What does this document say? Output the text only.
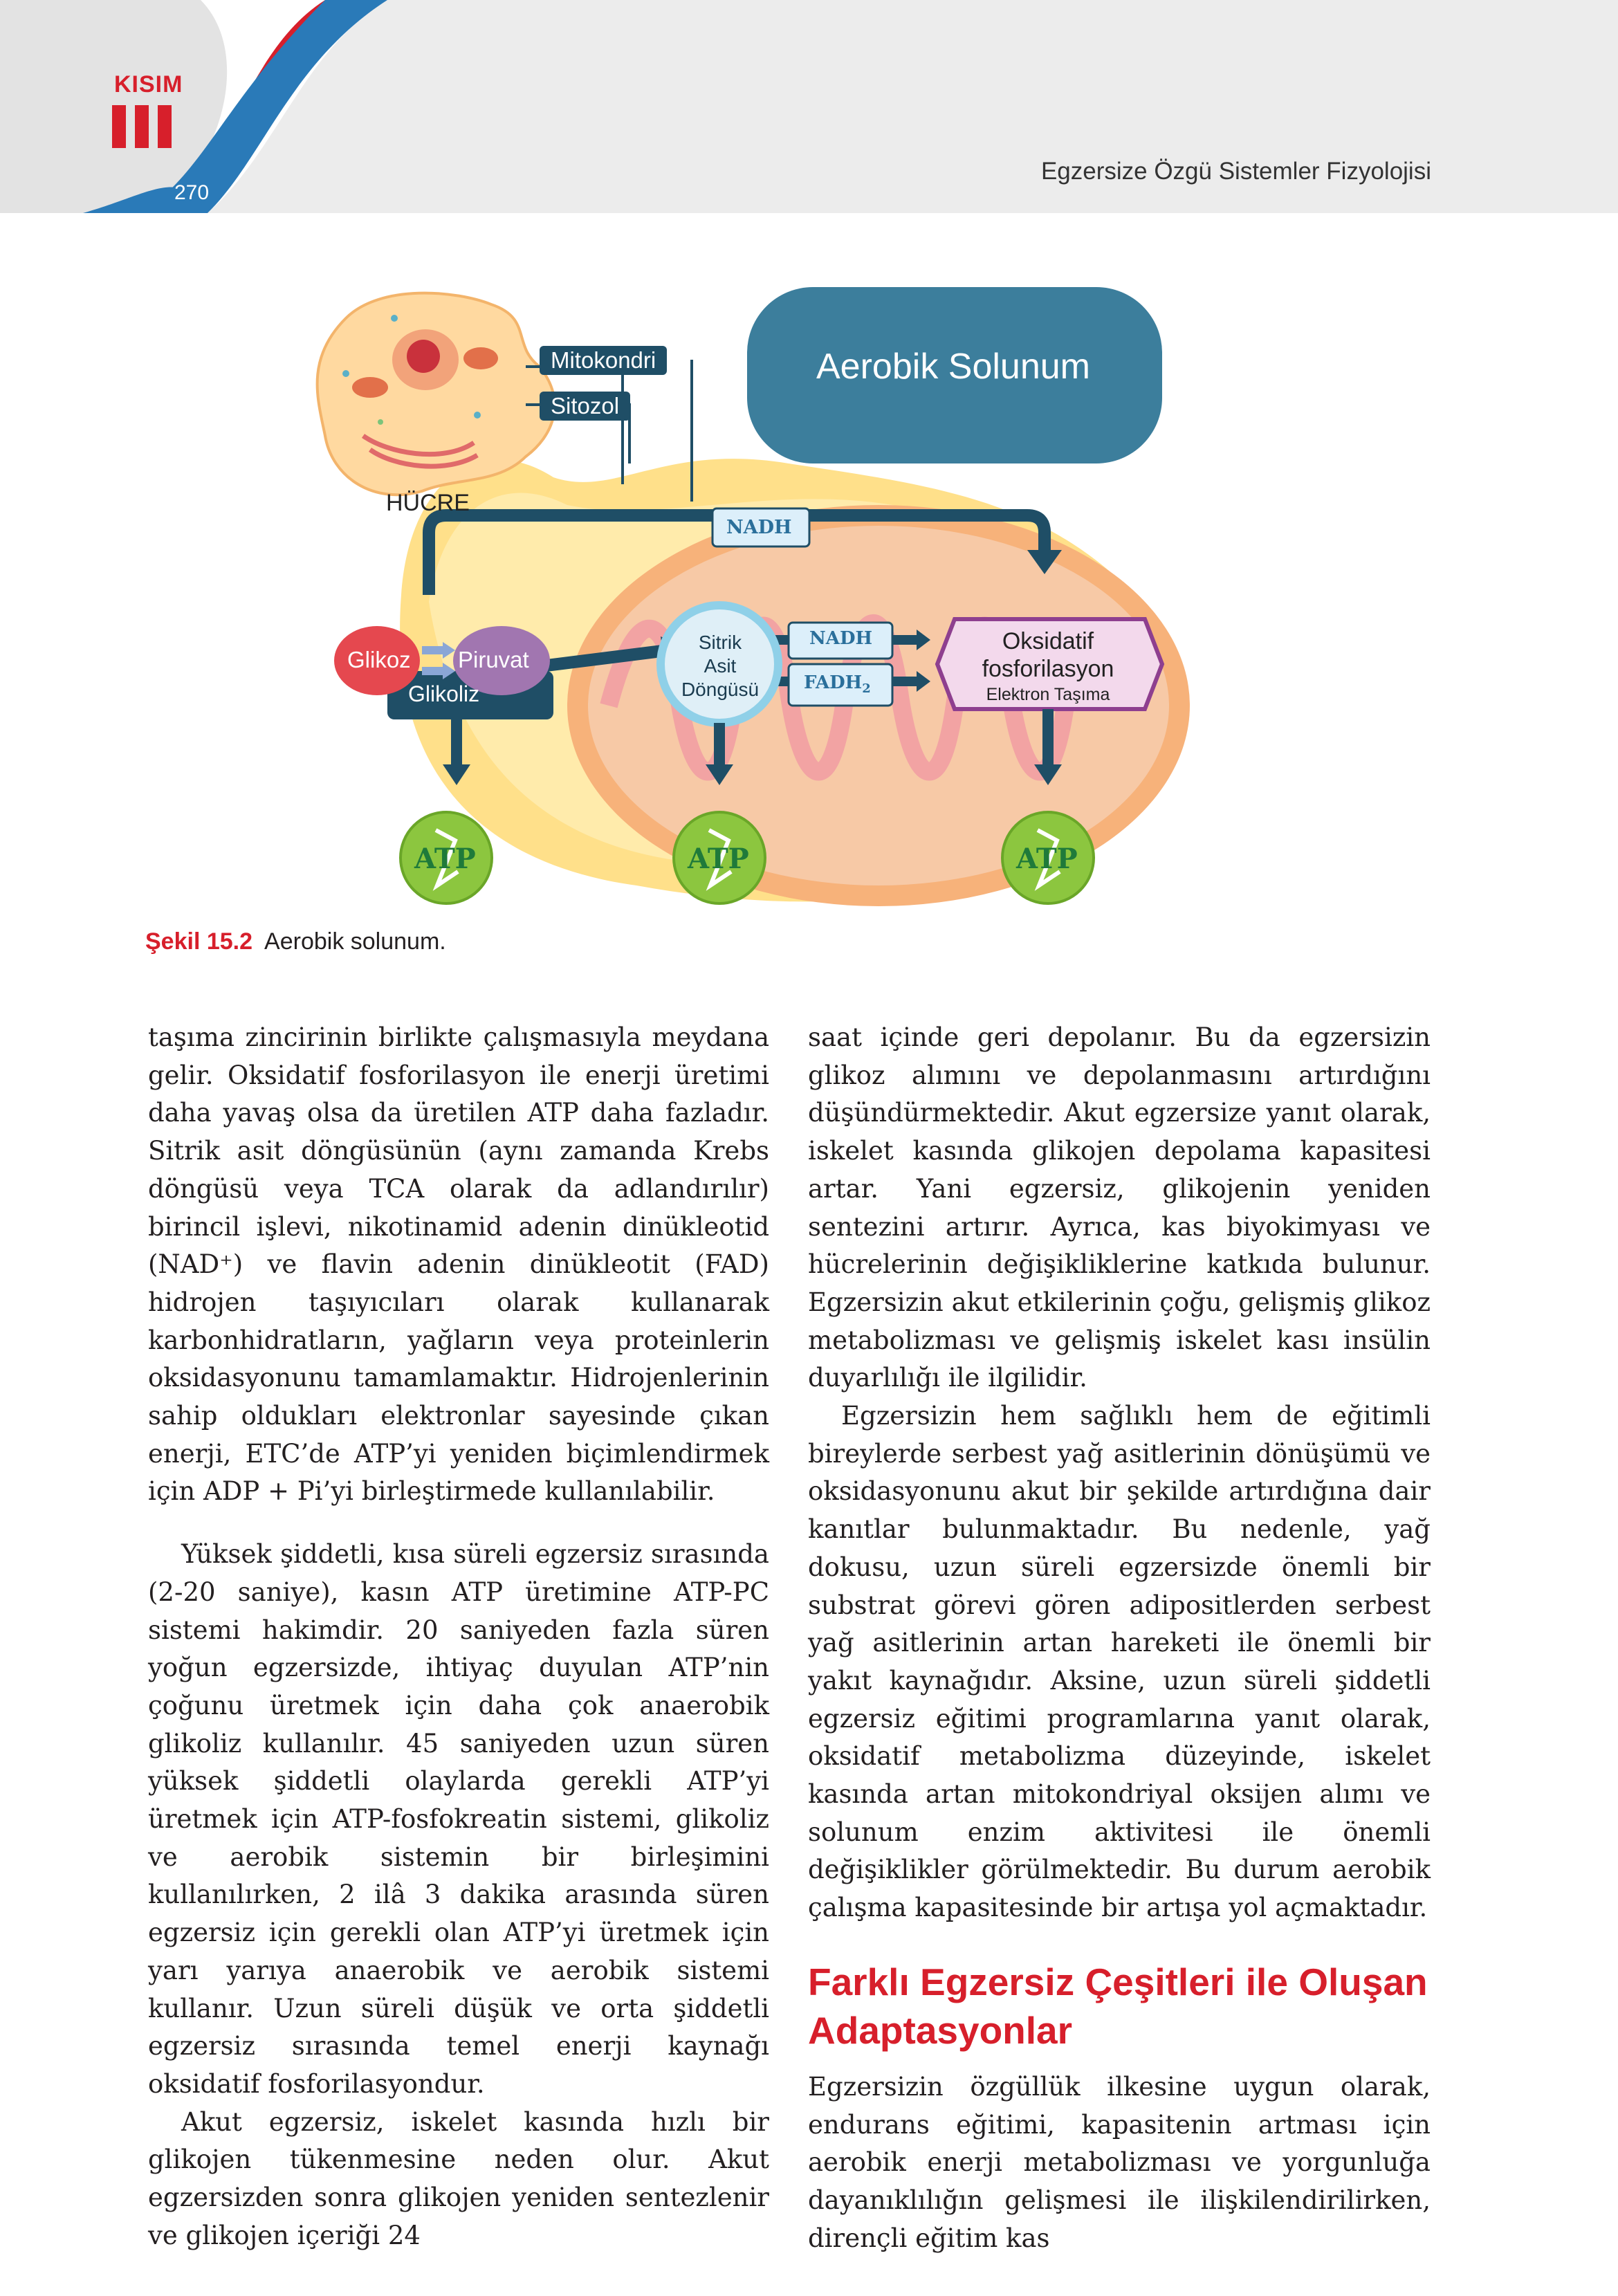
KISIM
270
Egzersize Özgü Sistemler Fizyolojisi
Mitokondri
Sitozol
HÜCRE
Aerobik Solunum
Glikoz Piruvat
Glikoliz
NADH
NADH
$FADH_2$
Sitrik
Asit
Döngüsü
Oksidatif
fosforilasyon
Elektron Taşıma
ATP	ATP	ATP
Şekil 15.2 Aerobik solunum.

taşıma zincirinin birlikte çalışmasıyla meydana gelir. Oksidatif fosforilasyon ile enerji üretimi daha yavaş olsa da üretilen ATP daha fazladır. Sitrik asit döngüsünün (aynı zamanda Krebs döngüsü veya TCA olarak da adlandırılır) birincil işlevi, nikotinamid adenin dinükleotid (NAD⁺) ve flavin adenin dinükleotit (FAD) hidrojen taşıyıcıları olarak kullanarak karbonhidratların, yağların veya proteinlerin oksidasyonunu tamamlamaktır. Hidrojenlerinin sahip oldukları elektronlar sayesinde çıkan enerji, ETC’de ATP’yi yeniden biçimlendirmek için ADP + Pi’yi birleştirmede kullanılabilir.

Yüksek şiddetli, kısa süreli egzersiz sırasında (2-20 saniye), kasın ATP üretimine ATP-PC sistemi hakimdir. 20 saniyeden fazla süren yoğun egzersizde, ihtiyaç duyulan ATP’nin çoğunu üretmek için daha çok anaerobik glikoliz kullanılır. 45 saniyeden uzun süren yüksek şiddetli olaylarda gerekli ATP’yi üretmek için ATP-fosfokreatin sistemi, glikoliz ve aerobik sistemin bir birleşimini kullanılırken, 2 ilâ 3 dakika arasında süren egzersiz için gerekli olan ATP’yi üretmek için yarı yarıya anaerobik ve aerobik sistemi kullanır. Uzun süreli düşük ve orta şiddetli egzersiz sırasında temel enerji kaynağı oksidatif fosforilasyondur.

Akut egzersiz, iskelet kasında hızlı bir glikojen tükenmesine neden olur. Akut egzersizden sonra glikojen yeniden sentezlenir ve glikojen içeriği 24

saat içinde geri depolanır. Bu da egzersizin glikoz alımını ve depolanmasını artırdığını düşündürmektedir. Akut egzersize yanıt olarak, iskelet kasında glikojen depolama kapasitesi artar. Yani egzersiz, glikojenin yeniden sentezini artırır. Ayrıca, kas biyokimyası ve hücrelerinin değişikliklerine katkıda bulunur. Egzersizin akut etkilerinin çoğu, gelişmiş glikoz metabolizması ve gelişmiş iskelet kası insülin duyarlılığı ile ilgilidir.

Egzersizin hem sağlıklı hem de eğitimli bireylerde serbest yağ asitlerinin dönüşümü ve oksidasyonunu akut bir şekilde artırdığına dair kanıtlar bulunmaktadır. Bu nedenle, yağ dokusu, uzun süreli egzersizde önemli bir substrat görevi gören adipositlerden serbest yağ asitlerinin artan hareketi ile önemli bir yakıt kaynağıdır. Aksine, uzun süreli şiddetli egzersiz eğitimi programlarına yanıt olarak, oksidatif metabolizma düzeyinde, iskelet kasında artan mitokondriyal oksijen alımı ve solunum enzim aktivitesi ile önemli değişiklikler görülmektedir. Bu durum aerobik çalışma kapasitesinde bir artışa yol açmaktadır.

Farklı Egzersiz Çeşitleri ile Oluşan Adaptasyonlar

Egzersizin özgüllük ilkesine uygun olarak, endurans eğitimi, kapasitenin artması için aerobik enerji metabolizması ve yorgunluğa dayanıklılığın gelişmesi ile ilişkilendirilirken, dirençli eğitim kas
